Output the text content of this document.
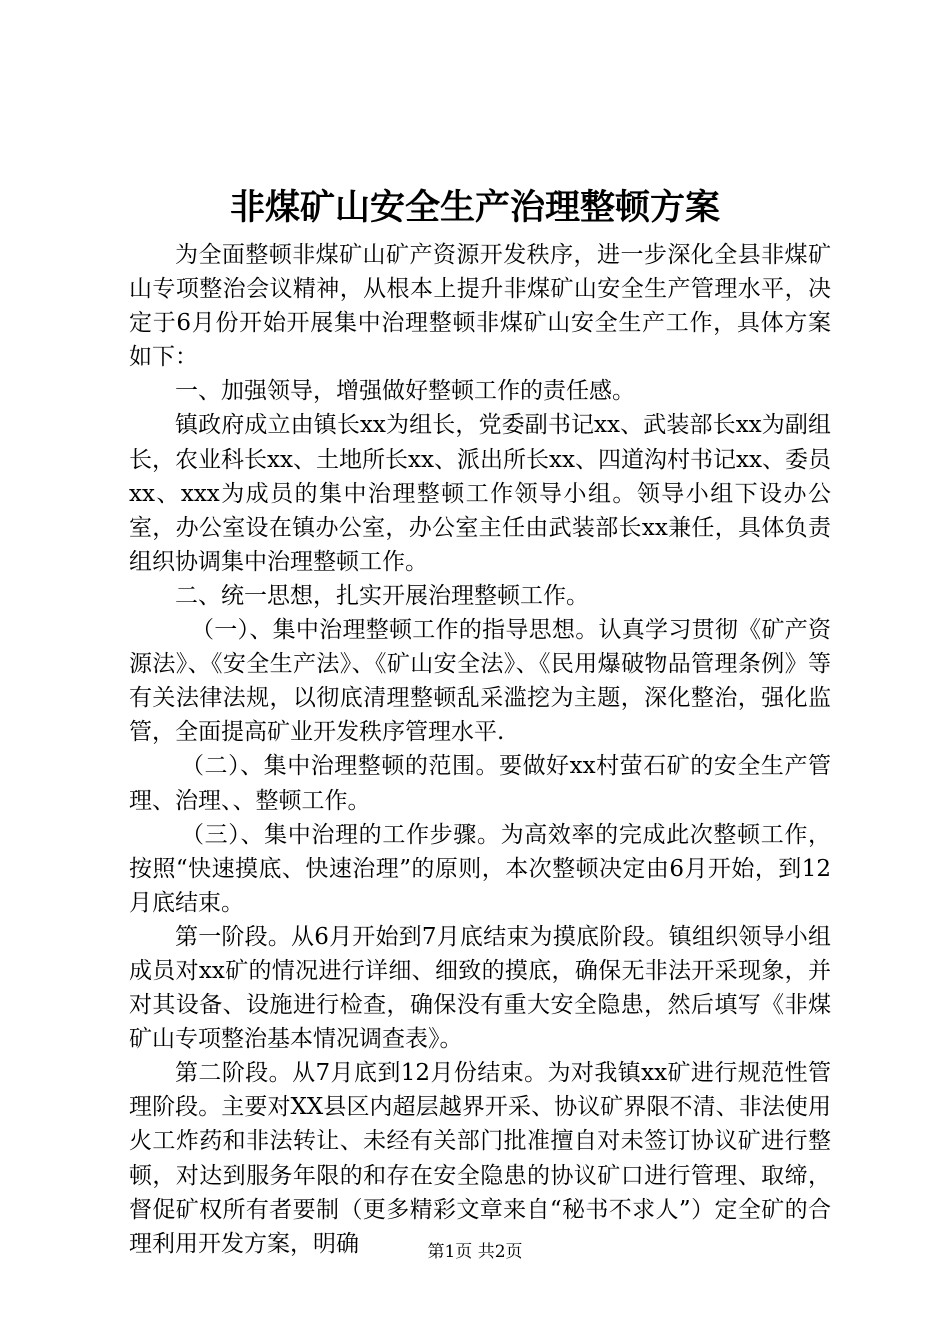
非煤矿山安全生产治理整顿方案

为全面整顿非煤矿山矿产资源开发秩序，进一步深化全县非煤矿山专项整治会议精神，从根本上提升非煤矿山安全生产管理水平，决定于6月份开始开展集中治理整顿非煤矿山安全生产工作，具体方案如下：

一、加强领导，增强做好整顿工作的责任感。

镇政府成立由镇长xx为组长，党委副书记xx、武装部长xx为副组长，农业科长xx、土地所长xx、派出所长xx、四道沟村书记xx、委员xx、xxx为成员的集中治理整顿工作领导小组。领导小组下设办公室，办公室设在镇办公室，办公室主任由武装部长xx兼任，具体负责组织协调集中治理整顿工作。

二、统一思想，扎实开展治理整顿工作。

（一）、集中治理整顿工作的指导思想。认真学习贯彻《矿产资源法》、《安全生产法》、《矿山安全法》、《民用爆破物品管理条例》等有关法律法规，以彻底清理整顿乱采滥挖为主题，深化整治，强化监管，全面提高矿业开发秩序管理水平.

（二）、集中治理整顿的范围。要做好xx村萤石矿的安全生产管理、治理、、整顿工作。

（三）、集中治理的工作步骤。为高效率的完成此次整顿工作，按照“快速摸底、快速治理”的原则，本次整顿决定由6月开始，到12月底结束。

第一阶段。从6月开始到7月底结束为摸底阶段。镇组织领导小组成员对xx矿的情况进行详细、细致的摸底，确保无非法开采现象，并对其设备、设施进行检查，确保没有重大安全隐患，然后填写《非煤矿山专项整治基本情况调查表》。

第二阶段。从7月底到12月份结束。为对我镇xx矿进行规范性管理阶段。主要对XX县区内超层越界开采、协议矿界限不清、非法使用火工炸药和非法转让、未经有关部门批准擅自对未签订协议矿进行整顿，对达到服务年限的和存在安全隐患的协议矿口进行管理、取缔，督促矿权所有者要制（更多精彩文章来自“秘书不求人”）定全矿的合理利用开发方案，明确	第1页 共2页
